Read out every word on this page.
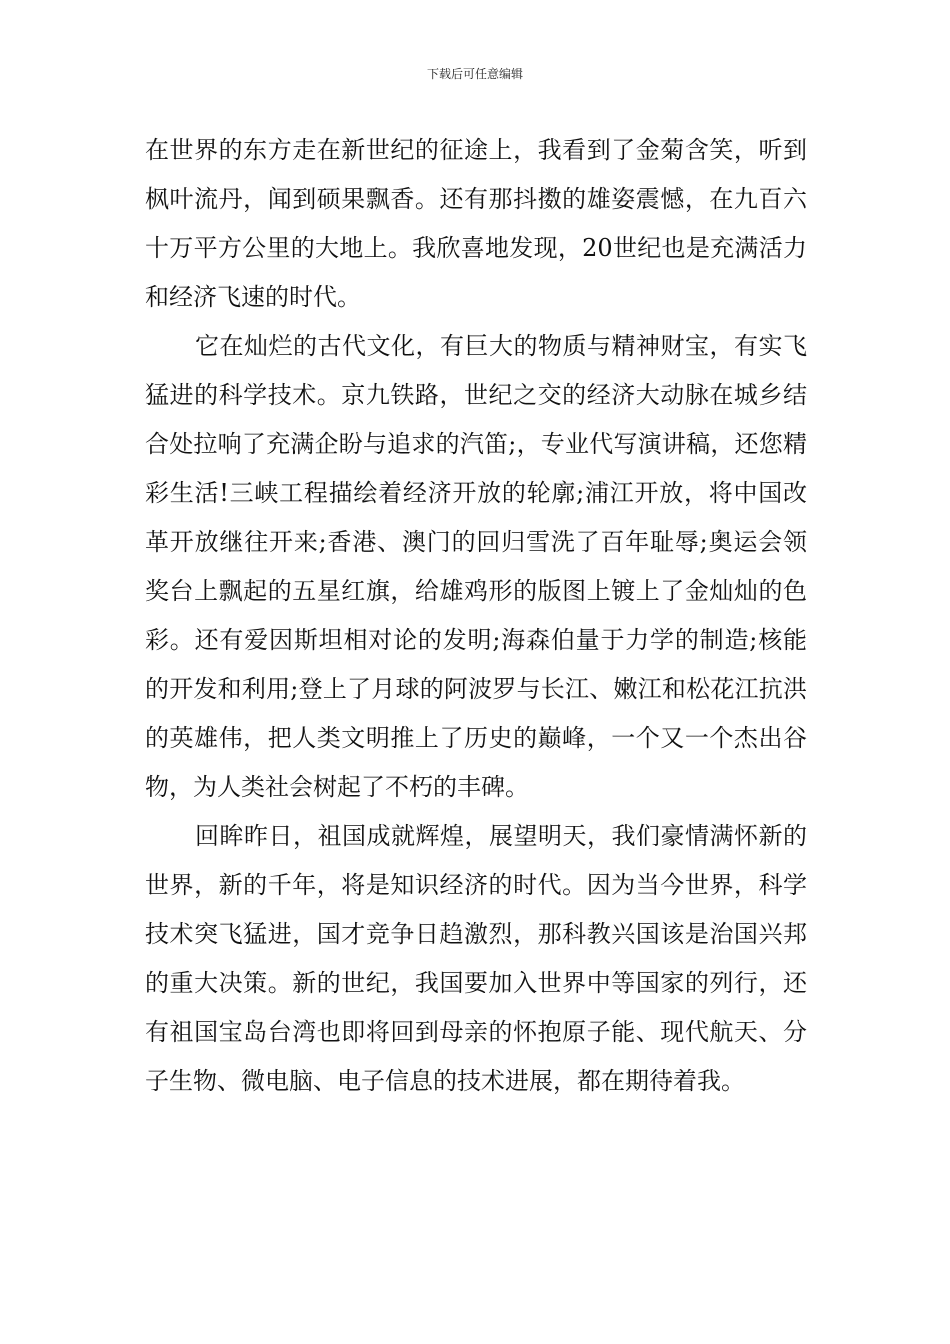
下载后可任意编辑

在世界的东方走在新世纪的征途上，我看到了金菊含笑，听到枫叶流丹，闻到硕果飘香。还有那抖擞的雄姿震憾，在九百六十万平方公里的大地上。我欣喜地发现，20世纪也是充满活力和经济飞速的时代。

它在灿烂的古代文化，有巨大的物质与精神财宝，有实飞猛进的科学技术。京九铁路，世纪之交的经济大动脉在城乡结合处拉响了充满企盼与追求的汽笛;，专业代写演讲稿，还您精彩生活!三峡工程描绘着经济开放的轮廓;浦江开放，将中国改革开放继往开来;香港、澳门的回归雪洗了百年耻辱;奥运会领奖台上飘起的五星红旗，给雄鸡形的版图上镀上了金灿灿的色彩。还有爱因斯坦相对论的发明;海森伯量于力学的制造;核能的开发和利用;登上了月球的阿波罗与长江、嫩江和松花江抗洪的英雄伟，把人类文明推上了历史的巅峰，一个又一个杰出谷物，为人类社会树起了不朽的丰碑。

回眸昨日，祖国成就辉煌，展望明天，我们豪情满怀新的世界，新的千年，将是知识经济的时代。因为当今世界，科学技术突飞猛进，国才竞争日趋激烈，那科教兴国该是治国兴邦的重大决策。新的世纪，我国要加入世界中等国家的列行，还有祖国宝岛台湾也即将回到母亲的怀抱原子能、现代航天、分子生物、微电脑、电子信息的技术进展，都在期待着我。
